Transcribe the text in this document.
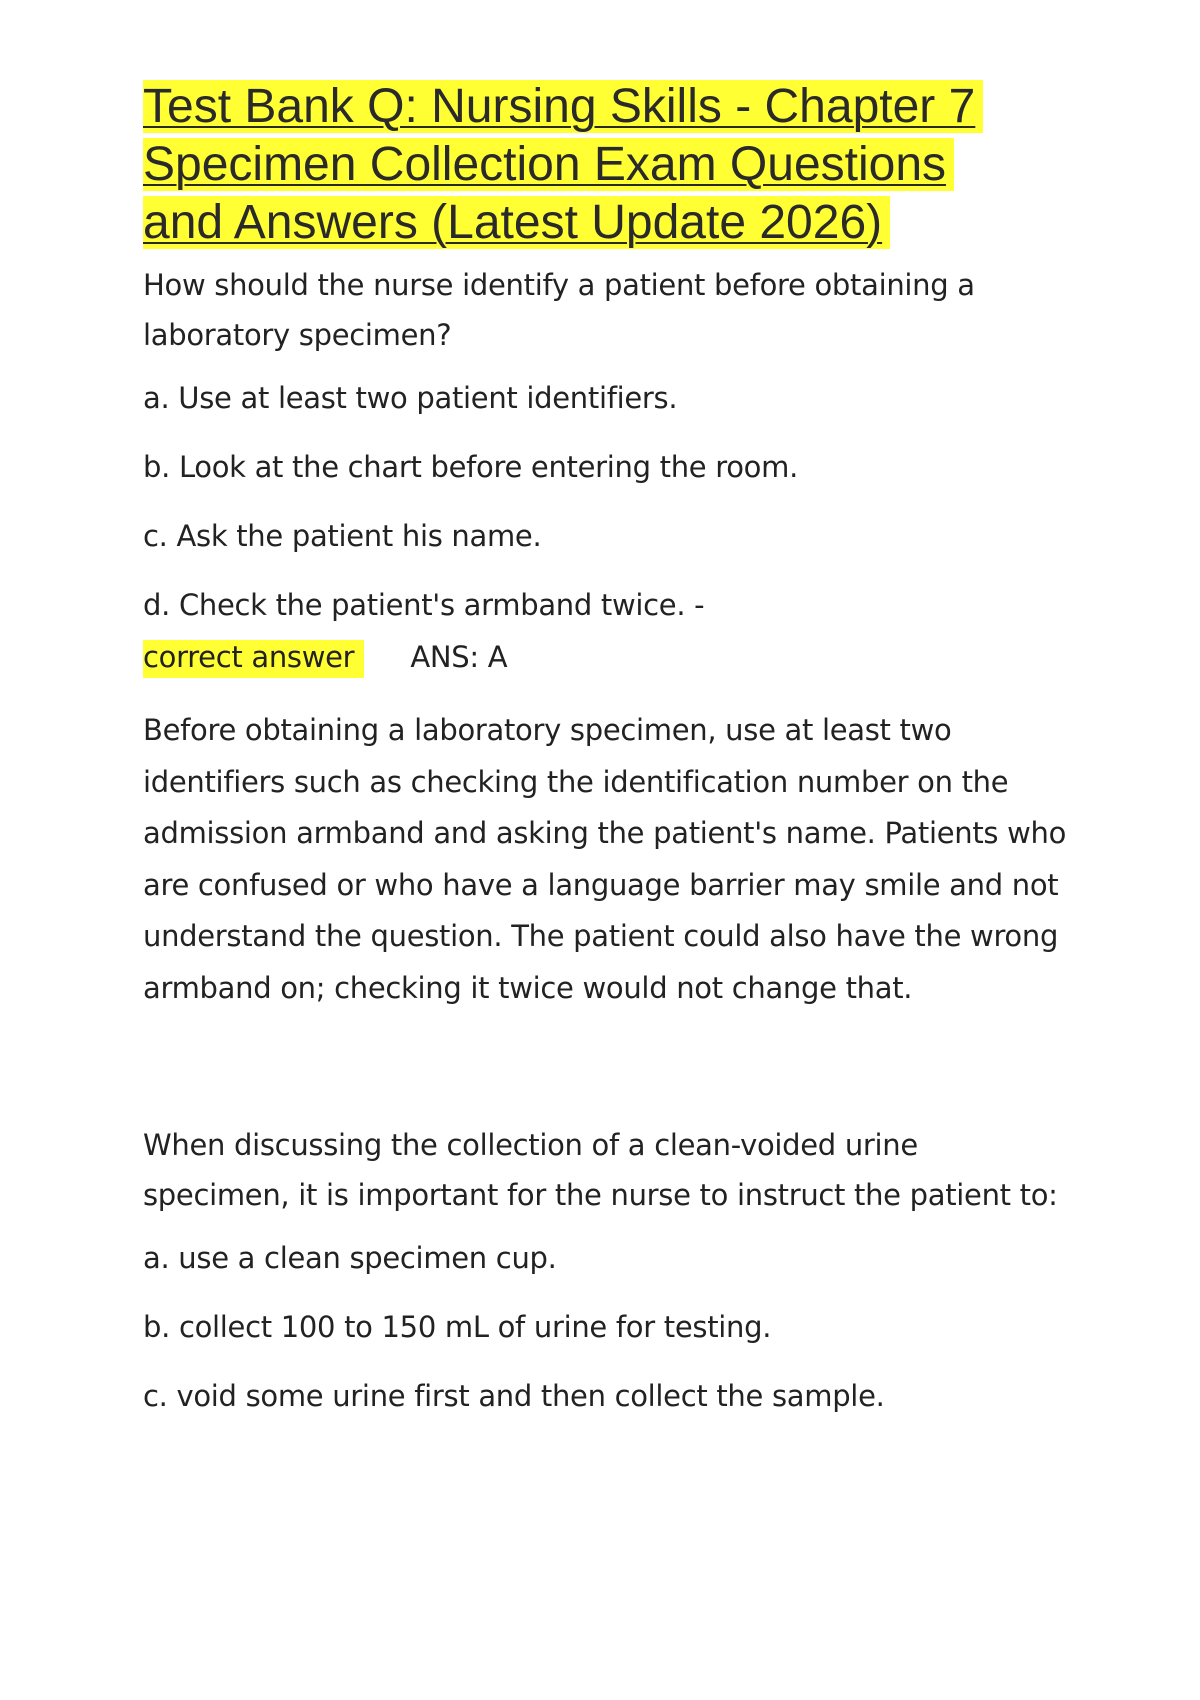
Test Bank Q: Nursing Skills - Chapter 7
Specimen Collection Exam Questions
and Answers (Latest Update 2026)

How should the nurse identify a patient before obtaining a laboratory specimen?

a. Use at least two patient identifiers.

b. Look at the chart before entering the room.

c. Ask the patient his name.

d. Check the patient's armband twice. -

correct answer ANS: A

Before obtaining a laboratory specimen, use at least two identifiers such as checking the identification number on the admission armband and asking the patient's name. Patients who are confused or who have a language barrier may smile and not understand the question. The patient could also have the wrong armband on; checking it twice would not change that.

When discussing the collection of a clean-voided urine specimen, it is important for the nurse to instruct the patient to:

a. use a clean specimen cup.

b. collect 100 to 150 mL of urine for testing.

c. void some urine first and then collect the sample.
